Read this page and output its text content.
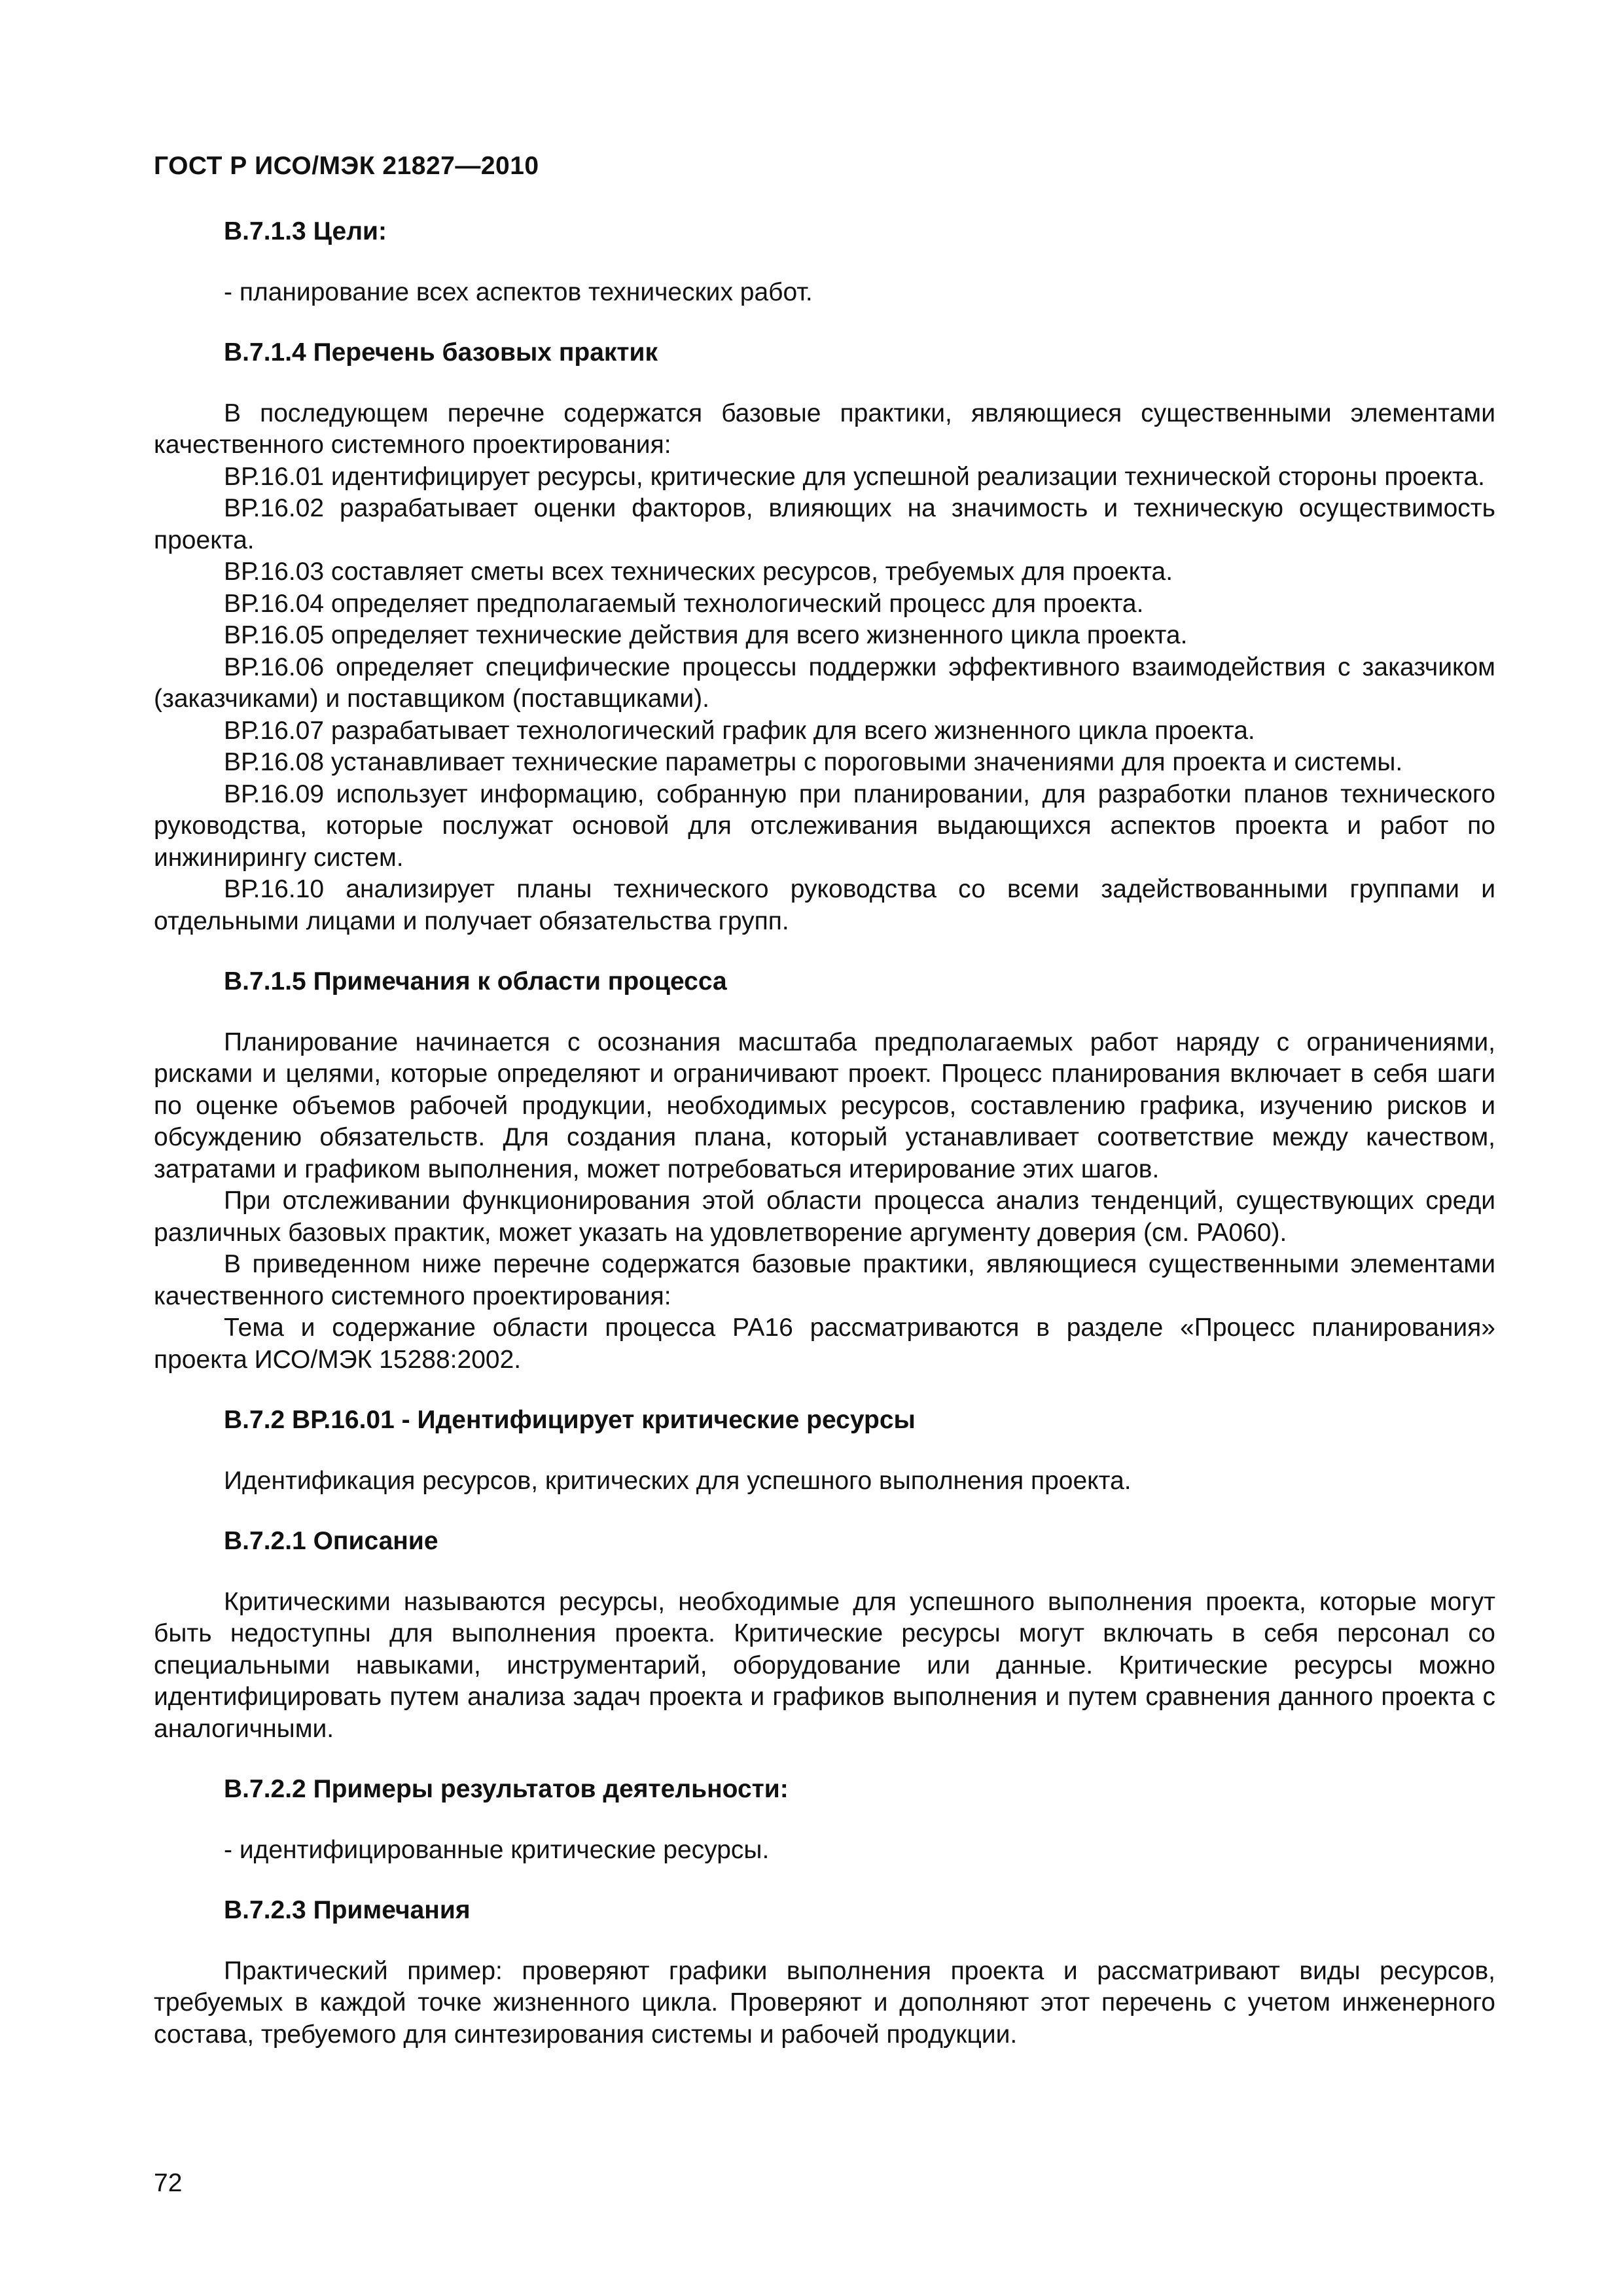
ГОСТ Р ИСО/МЭК 21827—2010
В.7.1.3 Цели:

- планирование всех аспектов технических работ.

В.7.1.4 Перечень базовых практик

В последующем перечне содержатся базовые практики, являющиеся существенными элементами качественного системного проектирования:

ВР.16.01 идентифицирует ресурсы, критические для успешной реализации технической стороны проекта.

ВР.16.02 разрабатывает оценки факторов, влияющих на значимость и техническую осуществимость проекта.

ВР.16.03 составляет сметы всех технических ресурсов, требуемых для проекта.

ВР.16.04 определяет предполагаемый технологический процесс для проекта.

ВР.16.05 определяет технические действия для всего жизненного цикла проекта.

ВР.16.06 определяет специфические процессы поддержки эффективного взаимодействия с заказчиком (заказчиками) и поставщиком (поставщиками).

ВР.16.07 разрабатывает технологический график для всего жизненного цикла проекта.

ВР.16.08 устанавливает технические параметры с пороговыми значениями для проекта и системы.

ВР.16.09 использует информацию, собранную при планировании, для разработки планов технического руководства, которые послужат основой для отслеживания выдающихся аспектов проекта и работ по инжинирингу систем.

ВР.16.10 анализирует планы технического руководства со всеми задействованными группами и отдельными лицами и получает обязательства групп.

В.7.1.5 Примечания к области процесса

Планирование начинается с осознания масштаба предполагаемых работ наряду с ограничениями, рисками и целями, которые определяют и ограничивают проект. Процесс планирования включает в себя шаги по оценке объемов рабочей продукции, необходимых ресурсов, составлению графика, изучению рисков и обсуждению обязательств. Для создания плана, который устанавливает соответствие между качеством, затратами и графиком выполнения, может потребоваться итерирование этих шагов.

При отслеживании функционирования этой области процесса анализ тенденций, существующих среди различных базовых практик, может указать на удовлетворение аргументу доверия (см. РА060).

В приведенном ниже перечне содержатся базовые практики, являющиеся существенными элементами качественного системного проектирования:

Тема и содержание области процесса РА16 рассматриваются в разделе «Процесс планирования» проекта ИСО/МЭК 15288:2002.

В.7.2 ВР.16.01 - Идентифицирует критические ресурсы

Идентификация ресурсов, критических для успешного выполнения проекта.

В.7.2.1 Описание

Критическими называются ресурсы, необходимые для успешного выполнения проекта, которые могут быть недоступны для выполнения проекта. Критические ресурсы могут включать в себя персонал со специальными навыками, инструментарий, оборудование или данные. Критические ресурсы можно идентифицировать путем анализа задач проекта и графиков выполнения и путем сравнения данного проекта с аналогичными.

В.7.2.2 Примеры результатов деятельности:

- идентифицированные критические ресурсы.

В.7.2.3 Примечания

Практический пример: проверяют графики выполнения проекта и рассматривают виды ресурсов, требуемых в каждой точке жизненного цикла. Проверяют и дополняют этот перечень с учетом инженерного состава, требуемого для синтезирования системы и рабочей продукции.

72
